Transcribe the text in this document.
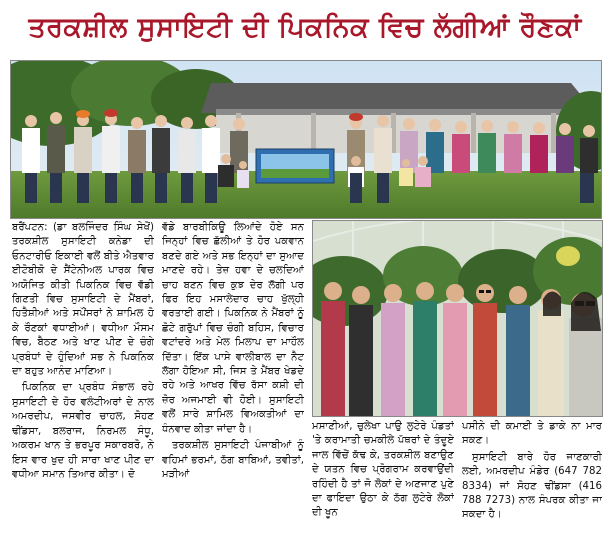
ਤਰਕਸ਼ੀਲ ਸੁਸਾਇਟੀ ਦੀ ਪਿਕਨਿਕ ਵਿਚ ਲੱਗੀਆਂ ਰੌਣਕਾਂ

ਬਰੈਂਪਟਨ: (ਡਾ ਬਲਜਿੰਦਰ ਸਿੰਘ ਸੇਖੋਂ) ਤਰਕਸ਼ੀਲ ਸੁਸਾਇਟੀ ਕਨੇਡਾ ਦੀ ਓਨਟਾਰੀਓ ਇਕਾਈ ਵਲੋਂ ਬੀਤੇ ਐਤਵਾਰ ਈਟੋਬੀਕੋ ਦੇ ਸੈਂਟੇਨੀਅਲ ਪਾਰਕ ਵਿਚ ਅਯੋਜਿਤ ਕੀਤੀ ਪਿਕਨਿਕ ਵਿਚ ਵੱਡੀ ਗਿਣਤੀ ਵਿਚ ਸੁਸਾਇਟੀ ਦੇ ਮੈਂਬਰਾਂ, ਹਿਤੈਸ਼ੀਆਂ ਅਤੇ ਸਪੌਂਸਰਾਂ ਨੇ ਸ਼ਾਮਿਲ ਹੋ ਕੇ ਰੌਣਕਾਂ ਵਧਾਈਆਂ। ਵਧੀਆ ਮੌਸਮ ਵਿਚ, ਬੈਠਣ ਅਤੇ ਖਾਣ ਪੀਣ ਦੇ ਚੰਗੇ ਪ੍ਰਬੰਧਾਂ ਦੇ ਹੁੰਦਿਆਂ ਸਭ ਨੇ ਪਿਕਨਿਕ ਦਾ ਬਹੁਤ ਆਨੰਦ ਮਾਣਿਆ।

ਪਿਕਨਿਕ ਦਾ ਪ੍ਰਬੰਧ ਸੰਭਾਲ ਰਹੇ ਸੁਸਾਇਟੀ ਦੇ ਹੋਰ ਵਲੰਟੀਅਰਾਂ ਦੇ ਨਾਲ ਅਮਰਦੀਪ, ਜਸਵੀਰ ਚਾਹਲ, ਸੋਹਣ ਢੀਂਡਸਾ, ਬਲਰਾਜ, ਨਿਰਮਲ ਸੰਧੂ, ਅਕਰਮ ਖਾਨ ਤੇ ਭਰਪੂਰ ਸਕਾਰਬਰੋ, ਨੇ ਇਸ ਵਾਰ ਖੁਦ ਹੀ ਸਾਰਾ ਖਾਣ ਪੀਣ ਦਾ ਵਧੀਆ ਸਮਾਨ ਤਿਆਰ ਕੀਤਾ। ਦੋ

ਵੱਡੇ ਬਾਰਬੀਕਿਊ ਲਿਆਂਦੇ ਹੋਏ ਸਨ ਜਿਨ੍ਹਾਂ ਵਿਚ ਛੱਲੀਆਂ ਤੇ ਹੋਰ ਪਕਵਾਨ ਬਣਦੇ ਗਏ ਅਤੇ ਸਭ ਇਨ੍ਹਾਂ ਦਾ ਸੁਆਦ ਮਾਣਦੇ ਰਹੇ। ਤੇਜ਼ ਹਵਾ ਦੇ ਚਲਦਿਆਂ ਚਾਹ ਬਣਨ ਵਿਚ ਕੁਝ ਦੇਰ ਲੱਗੀ ਪਰ ਫਿਰ ਇਹ ਮਸਾਲੇਦਾਰ ਚਾਹ ਖੁੱਲ੍ਹੀ ਵਰਤਾਈ ਗਈ। ਪਿਕਨਿਕ ਨੇ ਮੈਂਬਰਾਂ ਨੂੰ ਛੋਟੇ ਗਰੁੱਪਾਂ ਵਿਚ ਚੰਗੀ ਬਹਿਸ, ਵਿਚਾਰ ਵਟਾਂਦਰੇ ਅਤੇ ਮੇਲ ਮਿਲਾਪ ਦਾ ਮਾਹੌਲ ਦਿੱਤਾ। ਇੱਕ ਪਾਸੇ ਵਾਲੀਬਾਲ ਦਾ ਨੈਟ ਲੱਗਾ ਹੋਇਆ ਸੀ, ਜਿਸ ਤੇ ਮੈਂਬਰ ਖੇਡਦੇ ਰਹੇ ਅਤੇ ਆਖਰ ਵਿੱਚ ਰੱਸਾ ਕਸ਼ੀ ਦੀ ਜ਼ੋਰ ਅਜਮਾਈ ਵੀ ਹੋਈ। ਸੁਸਾਇਟੀ ਵਲੋਂ ਸਾਰੇ ਸ਼ਾਮਿਲ ਵਿਅਕਤੀਆਂ ਦਾ ਧੰਨਵਾਦ ਕੀਤਾ ਜਾਂਦਾ ਹੈ।

ਤਰਕਸ਼ੀਲ ਸੁਸਾਇਟੀ ਪੰਜਾਬੀਆਂ ਨੂੰ ਵਹਿਮਾਂ ਭਰਮਾਂ, ਠੱਗ ਬਾਬਿਆਂ, ਤਵੀਤਾਂ, ਮੜੀਆਂ

ਮਸਾਣੀਆਂ, ਚੁਲੇਖਾ ਪਾਉ ਲੁਟੇਰੇ ਪੰਡਤਾਂ 'ਤੇ ਕਰਾਮਾਤੀ ਚਮਕੀਲੇ ਪੱਥਰਾਂ ਦੇ ਤੰਦੂਏ ਜਾਲ ਵਿੱਚੋਂ ਕੱਢ ਕੇ, ਤਰਕਸ਼ੀਲ ਬਣਾਉਣ ਦੇ ਯਤਨ ਵਿਚ ਪ੍ਰੋਗਰਾਮ ਕਰਵਾਉਂਦੀ ਰਹਿੰਦੀ ਹੈ ਤਾਂ ਜੋ ਲੋਕਾਂ ਦੇ ਅਣਜਾਣ ਪੁਣੇ ਦਾ ਫਾਇਦਾ ਉਠਾ ਕੇ ਠੱਗ ਲੁਟੇਰੇ ਲੋਕਾਂ ਦੀ ਖੂਨ

ਪਸੀਨੇ ਦੀ ਕਮਾਈ ਤੇ ਡਾਕੇ ਨਾ ਮਾਰ ਸਕਣ।

ਸੁਸਾਇਟੀ ਬਾਰੇ ਹੋਰ ਜਾਣਕਾਰੀ ਲਈ, ਅਮਰਦੀਪ ਮੰਡੇਰ (647 782 8334) ਜਾਂ ਸੋਹਣ ਢੀਂਡਸਾ (416 788 7273) ਨਾਲ ਸੰਪਰਕ ਕੀਤਾ ਜਾ ਸਕਦਾ ਹੈ।
